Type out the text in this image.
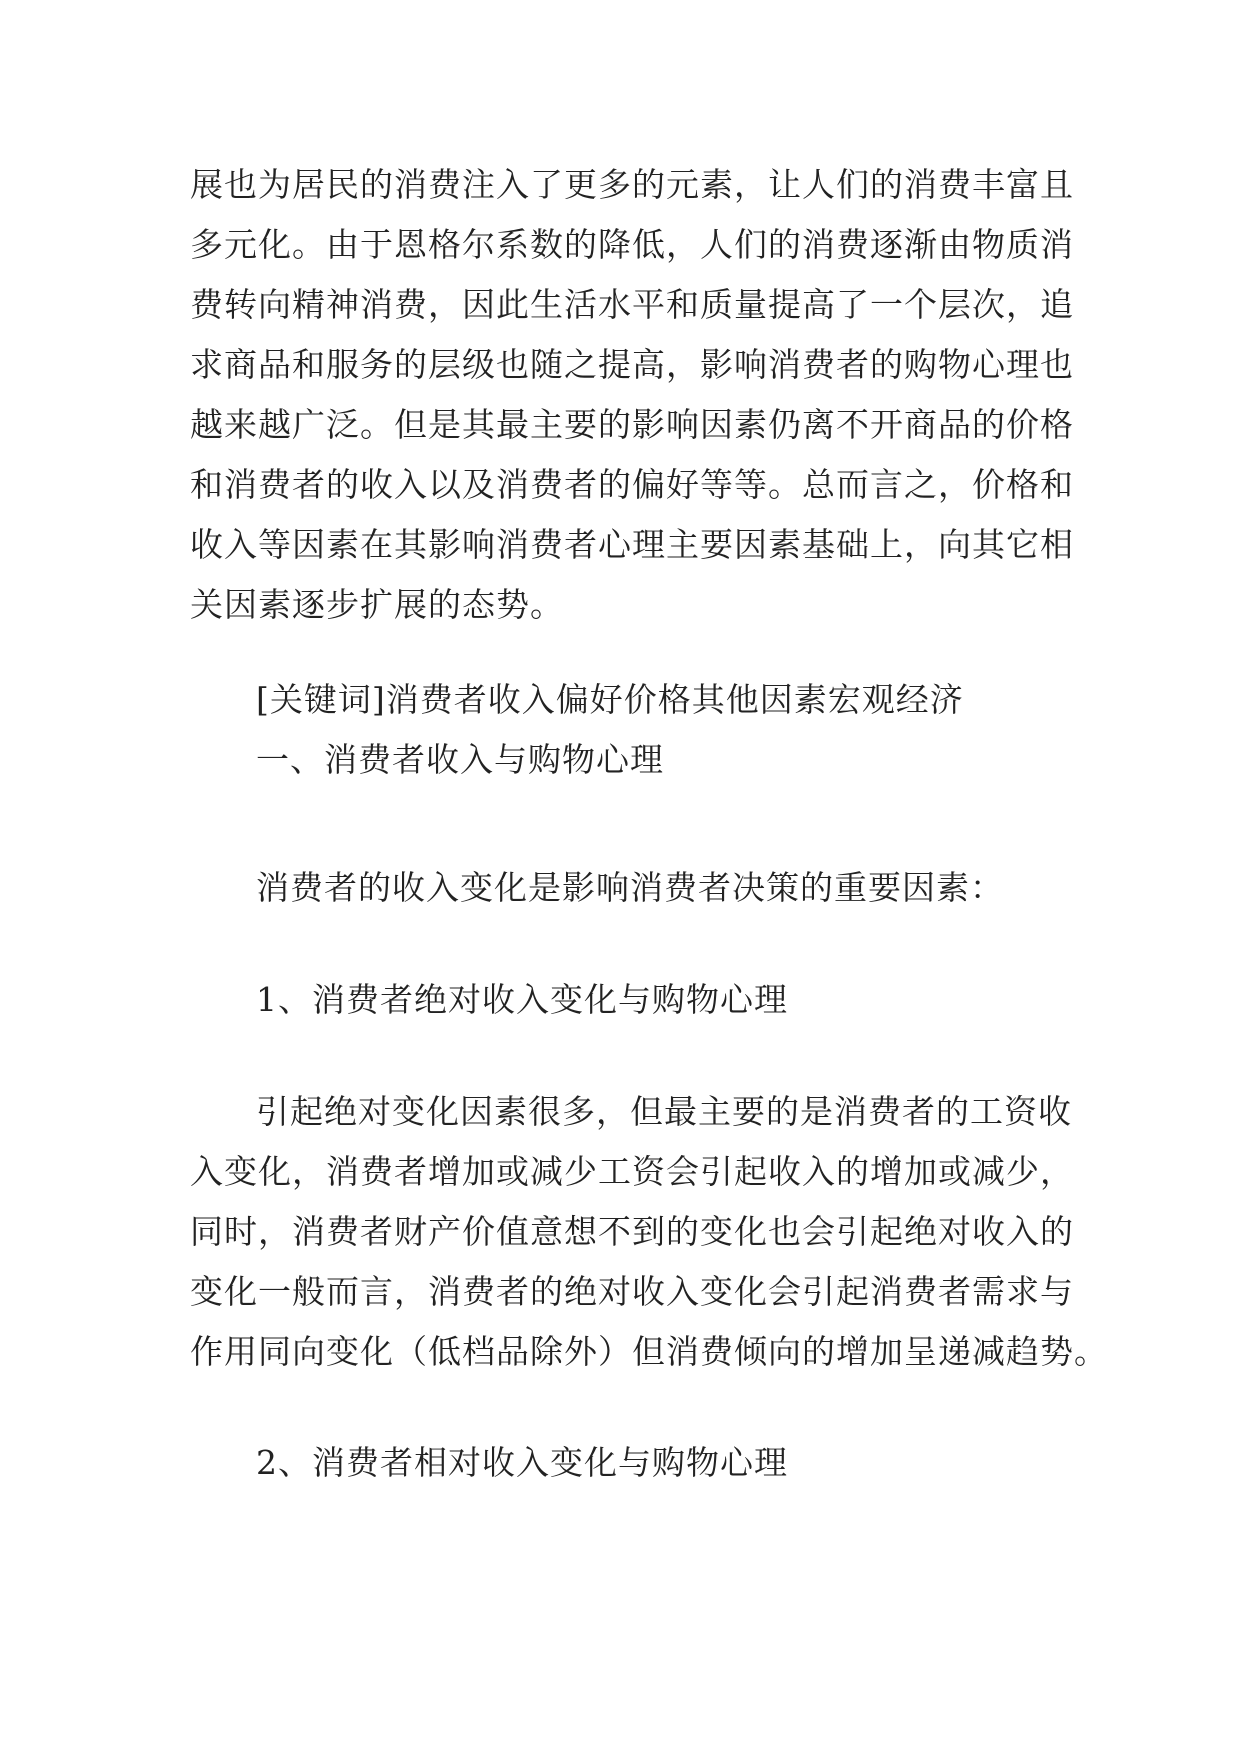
展也为居民的消费注入了更多的元素，让人们的消费丰富且
多元化。由于恩格尔系数的降低，人们的消费逐渐由物质消
费转向精神消费，因此生活水平和质量提高了一个层次，追
求商品和服务的层级也随之提高，影响消费者的购物心理也
越来越广泛。但是其最主要的影响因素仍离不开商品的价格
和消费者的收入以及消费者的偏好等等。总而言之，价格和
收入等因素在其影响消费者心理主要因素基础上，向其它相
关因素逐步扩展的态势。
[关键词]消费者收入偏好价格其他因素宏观经济
一、消费者收入与购物心理
消费者的收入变化是影响消费者决策的重要因素：
1、消费者绝对收入变化与购物心理
引起绝对变化因素很多，但最主要的是消费者的工资收
入变化，消费者增加或减少工资会引起收入的增加或减少，
同时，消费者财产价值意想不到的变化也会引起绝对收入的
变化一般而言，消费者的绝对收入变化会引起消费者需求与
作用同向变化（低档品除外）但消费倾向的增加呈递减趋势。
2、消费者相对收入变化与购物心理
